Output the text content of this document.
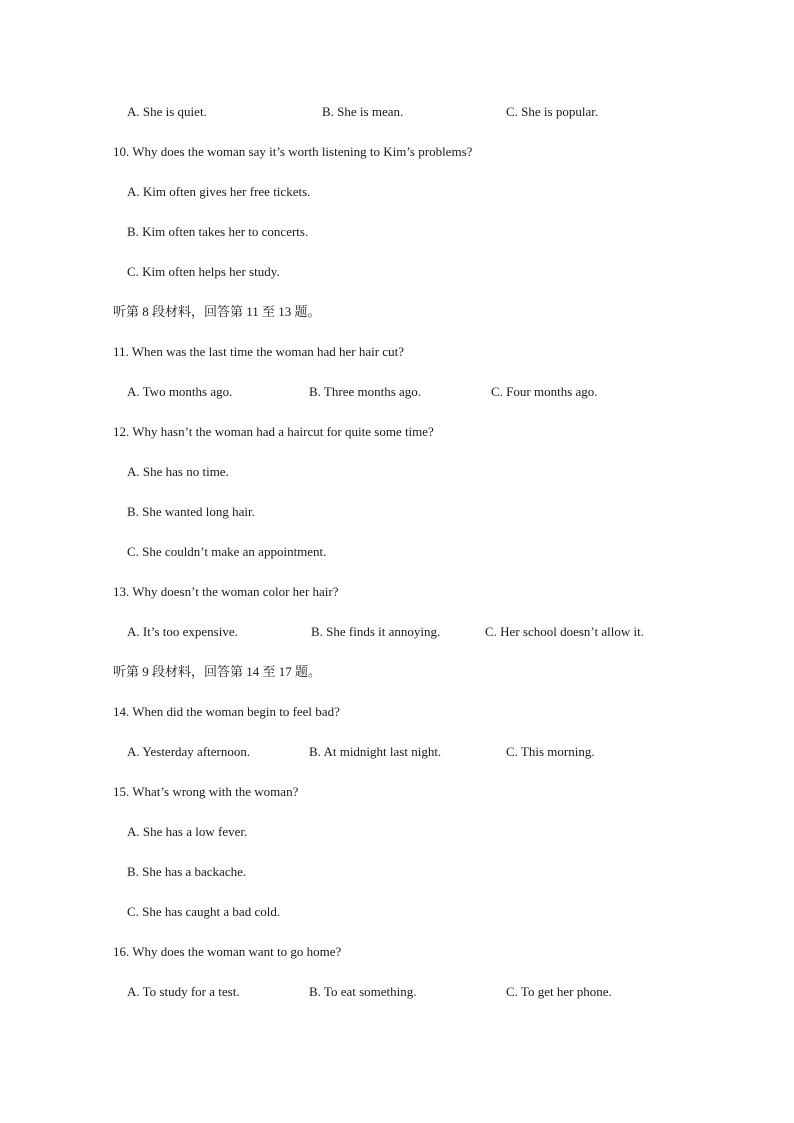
A. She is quiet.	B. She is mean.	C. She is popular.
10. Why does the woman say it’s worth listening to Kim’s problems?
A. Kim often gives her free tickets.
B. Kim often takes her to concerts.
C. Kim often helps her study.
听第 8 段材料，回答第 11 至 13 题。
11. When was the last time the woman had her hair cut?
A. Two months ago.	B. Three months ago.	C. Four months ago.
12. Why hasn’t the woman had a haircut for quite some time?
A. She has no time.
B. She wanted long hair.
C. She couldn’t make an appointment.
13. Why doesn’t the woman color her hair?
A. It’s too expensive.	B. She finds it annoying.	C. Her school doesn’t allow it.
听第 9 段材料，回答第 14 至 17 题。
14. When did the woman begin to feel bad?
A. Yesterday afternoon.	B. At midnight last night.	C. This morning.
15. What’s wrong with the woman?
A. She has a low fever.
B. She has a backache.
C. She has caught a bad cold.
16. Why does the woman want to go home?
A. To study for a test.	B. To eat something.	C. To get her phone.
